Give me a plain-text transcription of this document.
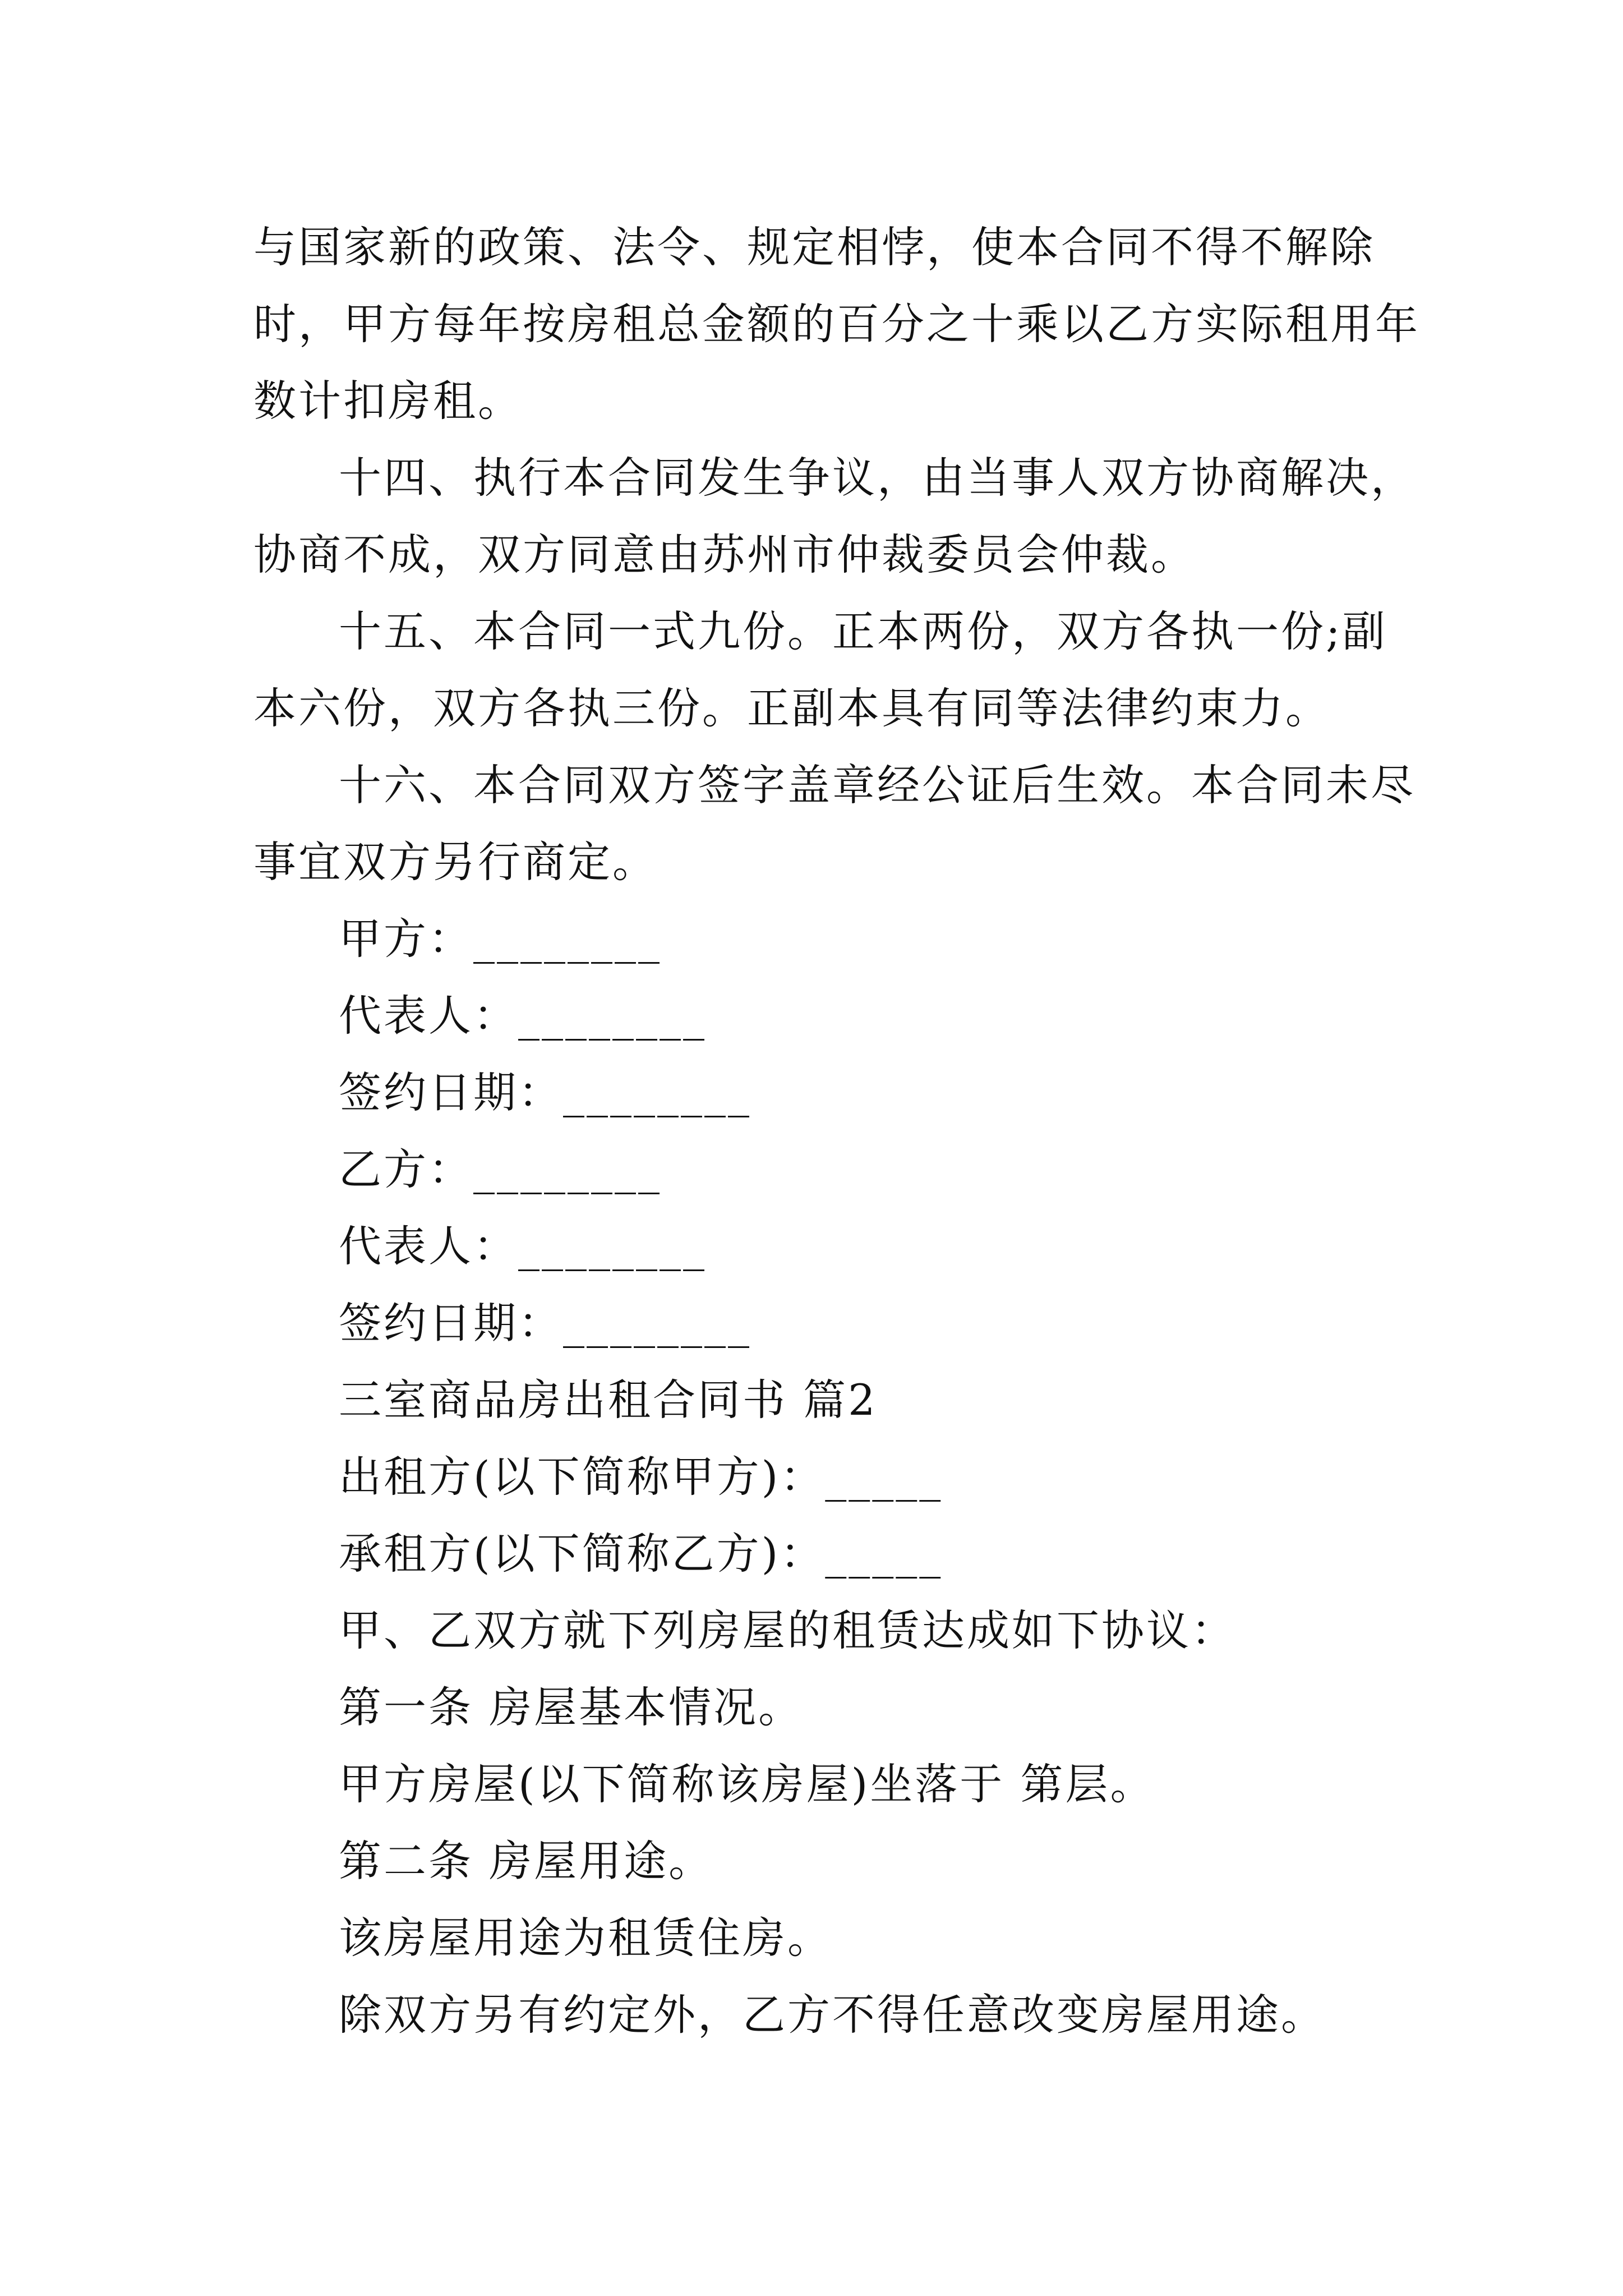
与国家新的政策、法令、规定相悖，使本合同不得不解除时，甲方每年按房租总金额的百分之十乘以乙方实际租用年数计扣房租。

十四、执行本合同发生争议，由当事人双方协商解决，协商不成，双方同意由苏州市仲裁委员会仲裁。

十五、本合同一式九份。正本两份，双方各执一份;副本六份，双方各执三份。正副本具有同等法律约束力。

十六、本合同双方签字盖章经公证后生效。本合同未尽事宜双方另行商定。

甲方：________

代表人：________

签约日期：________

乙方：________

代表人：________

签约日期：________

三室商品房出租合同书 篇2

出租方(以下简称甲方)：_____

承租方(以下简称乙方)：_____

甲、乙双方就下列房屋的租赁达成如下协议：

第一条 房屋基本情况。

甲方房屋(以下简称该房屋)坐落于 第层。

第二条 房屋用途。

该房屋用途为租赁住房。

除双方另有约定外，乙方不得任意改变房屋用途。
